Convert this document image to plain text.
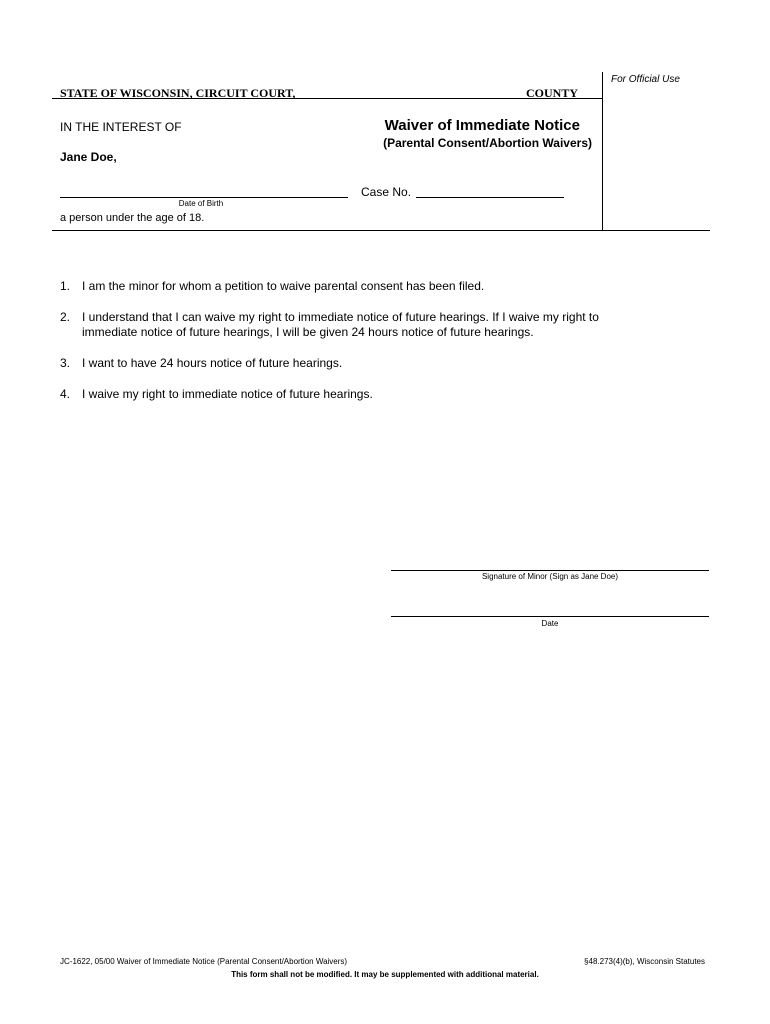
For Official Use
STATE OF WISCONSIN, CIRCUIT COURT,	COUNTY
IN THE INTEREST OF
Jane Doe,
Waiver of Immediate Notice
(Parental Consent/Abortion Waivers)
Date of Birth
Case No.
a person under the age of 18.
1. I am the minor for whom a petition to waive parental consent has been filed.
2. I understand that I can waive my right to immediate notice of future hearings. If I waive my right to immediate notice of future hearings, I will be given 24 hours notice of future hearings.
3. I want to have 24 hours notice of future hearings.
4. I waive my right to immediate notice of future hearings.
Signature of Minor (Sign as Jane Doe)
Date
JC-1622, 05/00 Waiver of Immediate Notice (Parental Consent/Abortion Waivers)	§48.273(4)(b), Wisconsin Statutes
This form shall not be modified. It may be supplemented with additional material.
